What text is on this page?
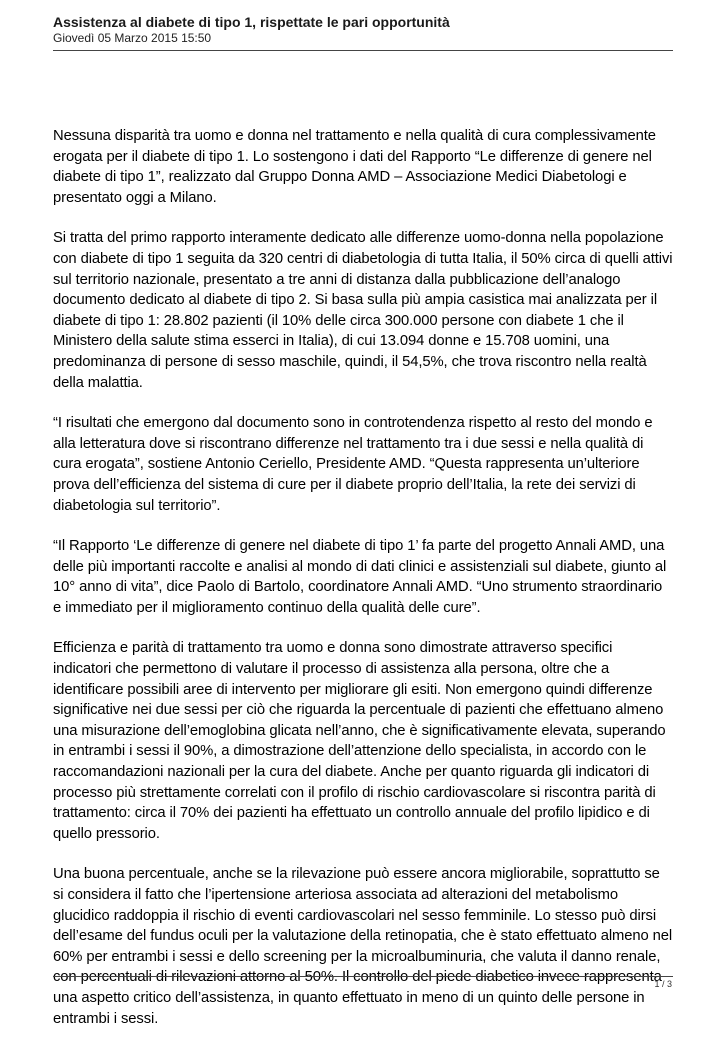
Assistenza al diabete di tipo 1, rispettate le pari opportunità
Giovedì 05 Marzo 2015 15:50

Nessuna disparità tra uomo e donna nel trattamento e nella qualità di cura complessivamente erogata per il diabete di tipo 1. Lo sostengono i dati del Rapporto “Le differenze di genere nel diabete di tipo 1”, realizzato dal Gruppo Donna AMD – Associazione Medici Diabetologi e presentato oggi a Milano.

Si tratta del primo rapporto interamente dedicato alle differenze uomo-donna nella popolazione con diabete di tipo 1 seguita da 320 centri di diabetologia di tutta Italia, il 50% circa di quelli attivi sul territorio nazionale, presentato a tre anni di distanza dalla pubblicazione dell’analogo documento dedicato al diabete di tipo 2. Si basa sulla più ampia casistica mai analizzata per il diabete di tipo 1: 28.802 pazienti (il 10% delle circa 300.000 persone con diabete 1 che il Ministero della salute stima esserci in Italia), di cui 13.094 donne e 15.708 uomini, una predominanza di persone di sesso maschile, quindi, il 54,5%, che trova riscontro nella realtà della malattia.

“I risultati che emergono dal documento sono in controtendenza rispetto al resto del mondo e alla letteratura dove si riscontrano differenze nel trattamento tra i due sessi e nella qualità di cura erogata”, sostiene Antonio Ceriello, Presidente AMD. “Questa rappresenta un’ulteriore prova dell’efficienza del sistema di cure per il diabete proprio dell’Italia, la rete dei servizi di diabetologia sul territorio”.

“Il Rapporto ‘Le differenze di genere nel diabete di tipo 1’ fa parte del progetto Annali AMD, una delle più importanti raccolte e analisi al mondo di dati clinici e assistenziali sul diabete, giunto al 10° anno di vita”, dice Paolo di Bartolo, coordinatore Annali AMD. “Uno strumento straordinario e immediato per il miglioramento continuo della qualità delle cure”.

Efficienza e parità di trattamento tra uomo e donna sono dimostrate attraverso specifici indicatori che permettono di valutare il processo di assistenza alla persona, oltre che a identificare possibili aree di intervento per migliorare gli esiti. Non emergono quindi differenze significative nei due sessi per ciò che riguarda la percentuale di pazienti che effettuano almeno una misurazione dell’emoglobina glicata nell’anno, che è significativamente elevata, superando in entrambi i sessi il 90%, a dimostrazione dell’attenzione dello specialista, in accordo con le raccomandazioni nazionali per la cura del diabete. Anche per quanto riguarda gli indicatori di processo più strettamente correlati con il profilo di rischio cardiovascolare si riscontra parità di trattamento: circa il 70% dei pazienti ha effettuato un controllo annuale del profilo lipidico e di quello pressorio.

Una buona percentuale, anche se la rilevazione può essere ancora migliorabile, soprattutto se si considera il fatto che l’ipertensione arteriosa associata ad alterazioni del metabolismo glucidico raddoppia il rischio di eventi cardiovascolari nel sesso femminile. Lo stesso può dirsi dell’esame del fundus oculi per la valutazione della retinopatia, che è stato effettuato almeno nel 60% per entrambi i sessi e dello screening per la microalbuminuria, che valuta il danno renale, con percentuali di rilevazioni attorno al 50%. Il controllo del piede diabetico invece rappresenta una aspetto critico dell’assistenza, in quanto effettuato in meno di un quinto delle persone in entrambi i sessi.

1 / 3
